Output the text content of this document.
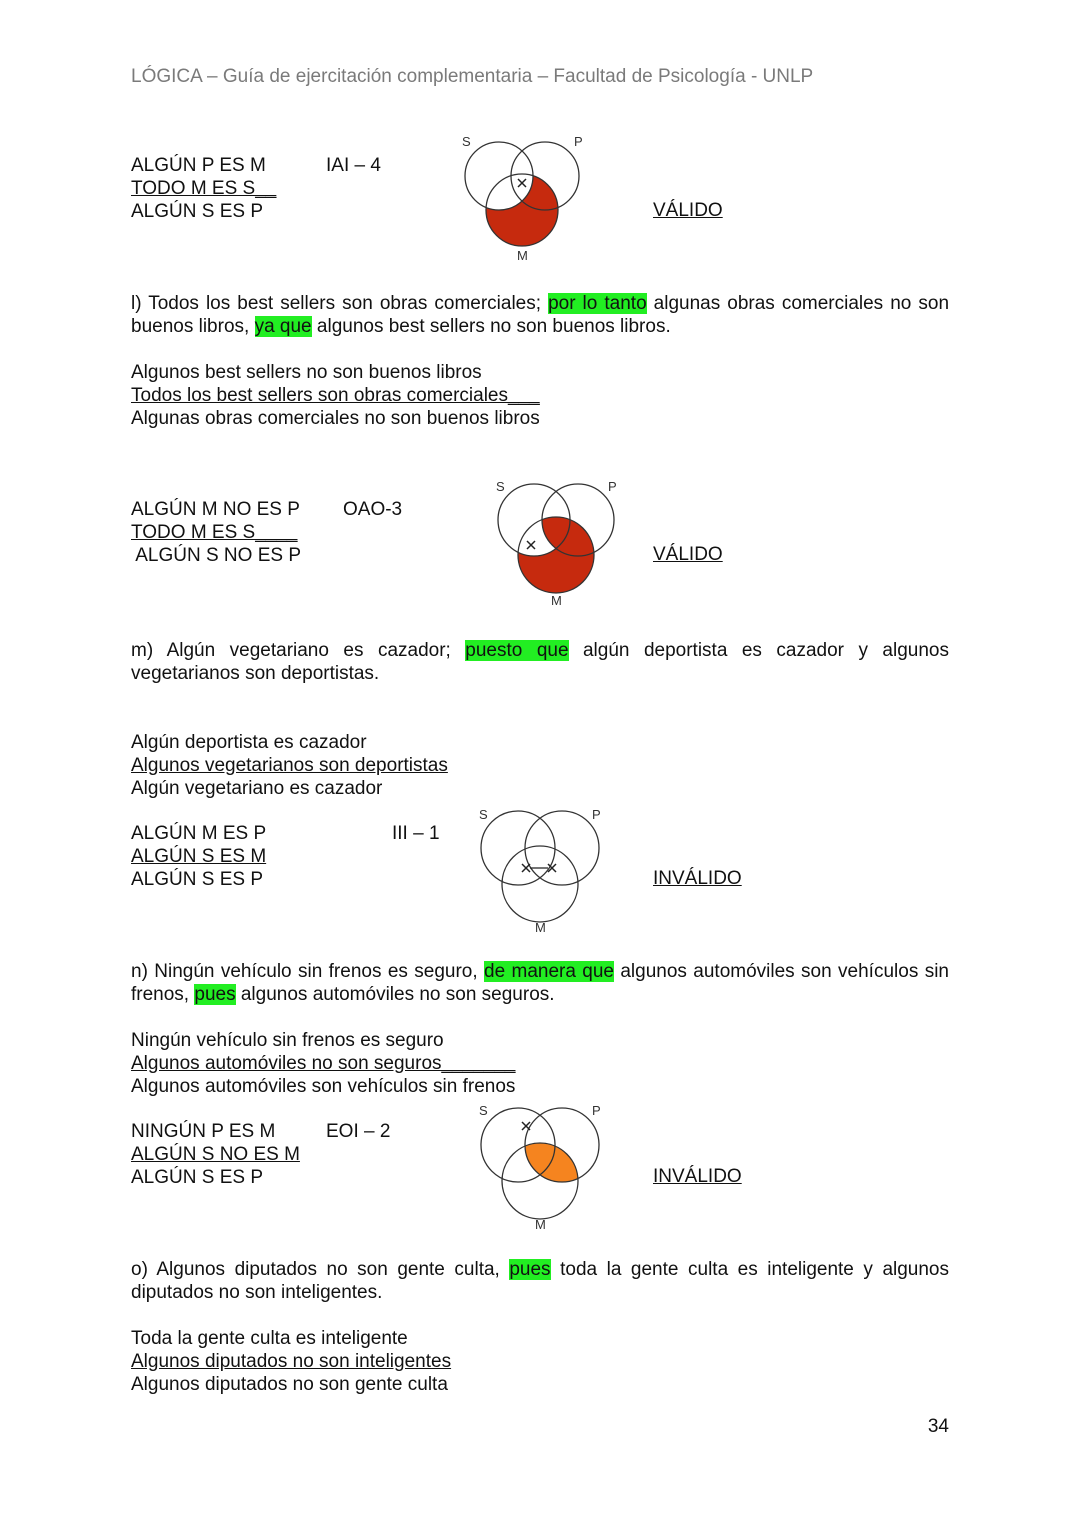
LÓGICA – Guía de ejercitación complementaria – Facultad de Psicología - UNLP
ALGÚN P ES M
TODO M ES S__
ALGÚN S ES P
IAI – 4
VÁLIDO
S	P
M
l) Todos los best sellers son obras comerciales; por lo tanto algunas obras comerciales no son buenos libros, ya que algunos best sellers no son buenos libros.
Algunos best sellers no son buenos libros
Todos los best sellers son obras comerciales___
Algunas obras comerciales no son buenos libros
ALGÚN M NO ES P
TODO M ES S____
ALGÚN S NO ES P
OAO-3
VÁLIDO
S	P
M
m) Algún vegetariano es cazador; puesto que algún deportista es cazador y algunos vegetarianos son deportistas.
Algún deportista es cazador
Algunos vegetarianos son deportistas
Algún vegetariano es cazador
ALGÚN M ES P
ALGÚN S ES M
ALGÚN S ES P
III – 1
INVÁLIDO
S	P
M
n) Ningún vehículo sin frenos es seguro, de manera que algunos automóviles son vehículos sin frenos, pues algunos automóviles no son seguros.
Ningún vehículo sin frenos es seguro
Algunos automóviles no son seguros_______
Algunos automóviles son vehículos sin frenos
NINGÚN P ES M
ALGÚN S NO ES M
ALGÚN S ES P
EOI – 2
INVÁLIDO
S	P
M
o) Algunos diputados no son gente culta, pues toda la gente culta es inteligente y algunos diputados no son inteligentes.
Toda la gente culta es inteligente
Algunos diputados no son inteligentes
Algunos diputados no son gente culta
34
